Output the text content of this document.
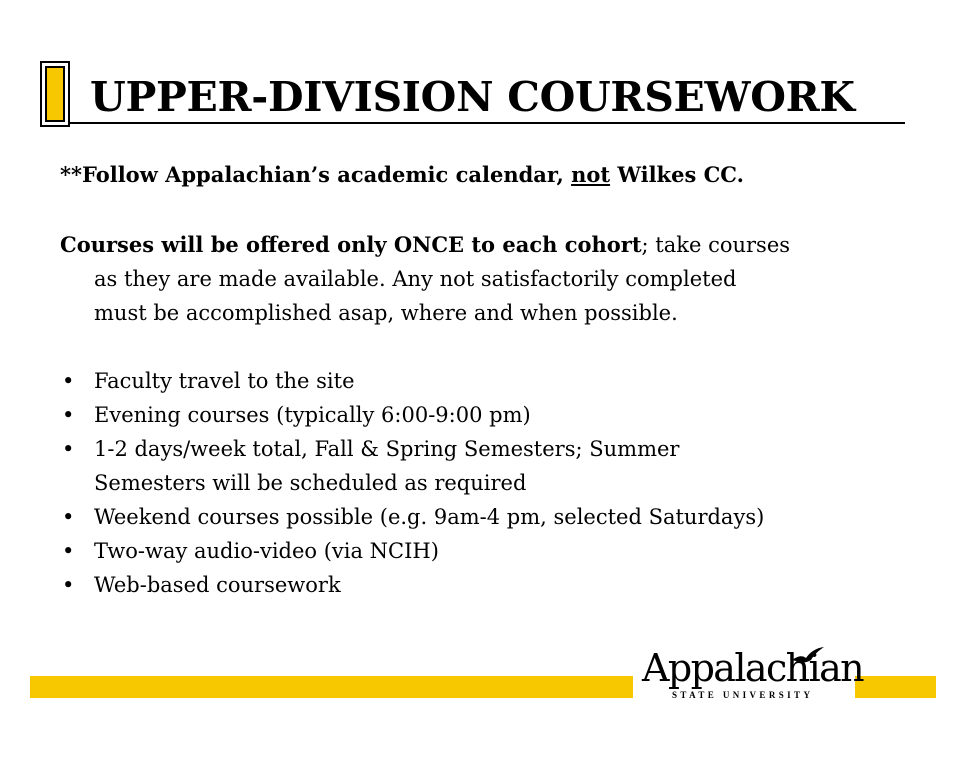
UPPER-DIVISION COURSEWORK
**Follow Appalachian’s academic calendar, not Wilkes CC.

Courses will be offered only ONCE to each cohort; take courses
as they are made available. Any not satisfactorily completed
must be accomplished asap, where and when possible.

• Faculty travel to the site
• Evening courses (typically 6:00-9:00 pm)
• 1-2 days/week total, Fall & Spring Semesters; Summer
Semesters will be scheduled as required
• Weekend courses possible (e.g. 9am-4 pm, selected Saturdays)
• Two-way audio-video (via NCIH)
• Web-based coursework
Appalachian
STATE UNIVERSITY
